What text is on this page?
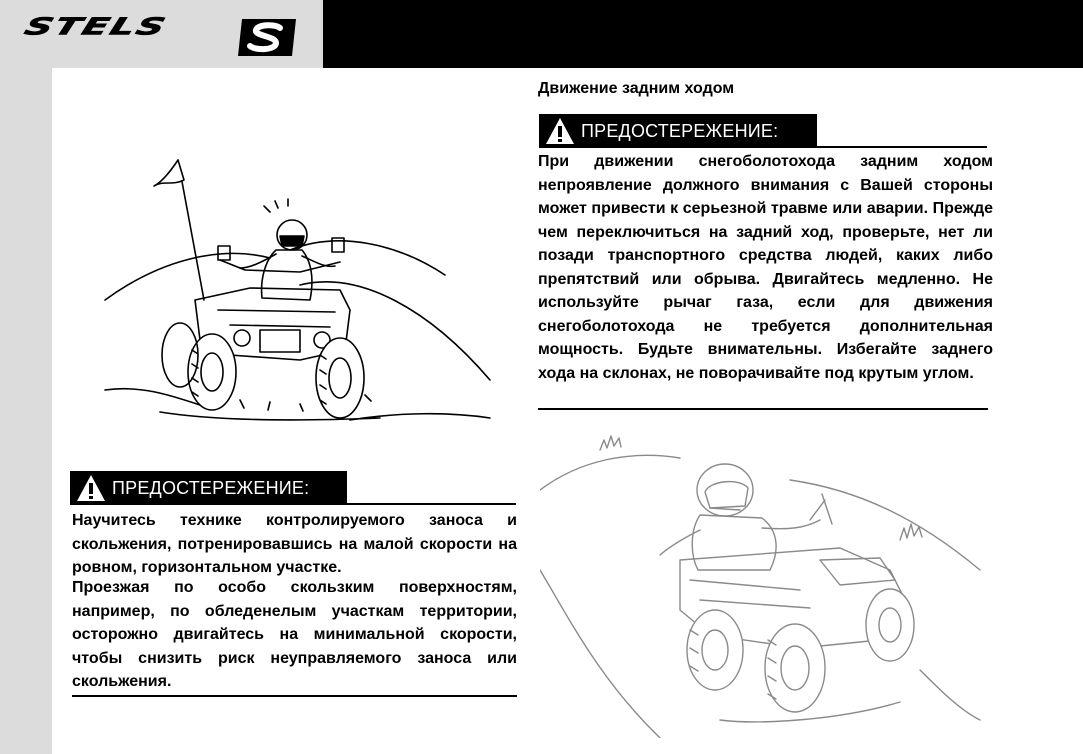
STELS
ПРЕДОСТЕРЕЖЕНИЕ:

Научитесь технике контролируемого заноса и скольжения, потренировавшись на малой скорости на ровном, горизонтальном участке.

Проезжая по особо скользким поверхностям, например, по обледенелым участкам территории, осторожно двигайтесь на минимальной скорости, чтобы снизить риск неуправляемого заноса или скольжения.

Движение задним ходом
ПРЕДОСТЕРЕЖЕНИЕ:

При движении снегоболотохода задним ходом непроявление должного внимания с Вашей стороны может привести к серьезной травме или аварии. Прежде чем переключиться на задний ход, проверьте, нет ли позади транспортного средства людей, каких либо препятствий или обрыва. Двигайтесь медленно. Не используйте рычаг газа, если для движения снегоболотохода не требуется дополнительная мощность. Будьте внимательны. Избегайте заднего хода на склонах, не поворачивайте под крутым углом.
